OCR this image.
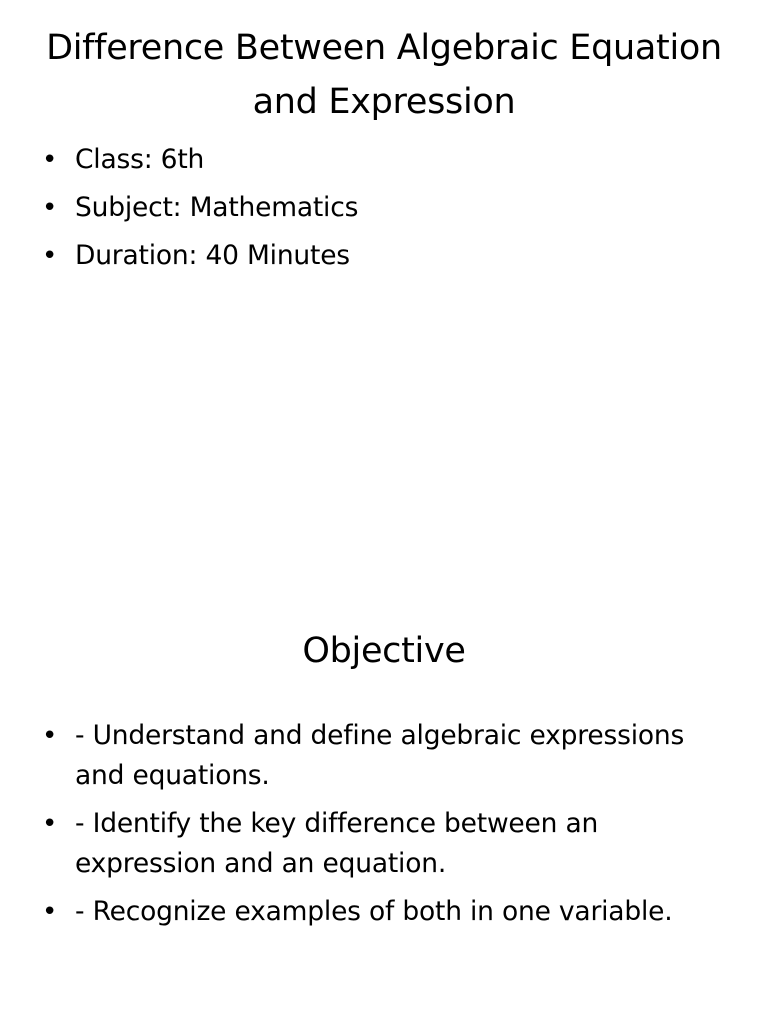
Difference Between Algebraic Equation and Expression
• Class: 6th
• Subject: Mathematics
• Duration: 40 Minutes
Objective
• - Understand and define algebraic expressions and equations.
• - Identify the key difference between an expression and an equation.
• - Recognize examples of both in one variable.
